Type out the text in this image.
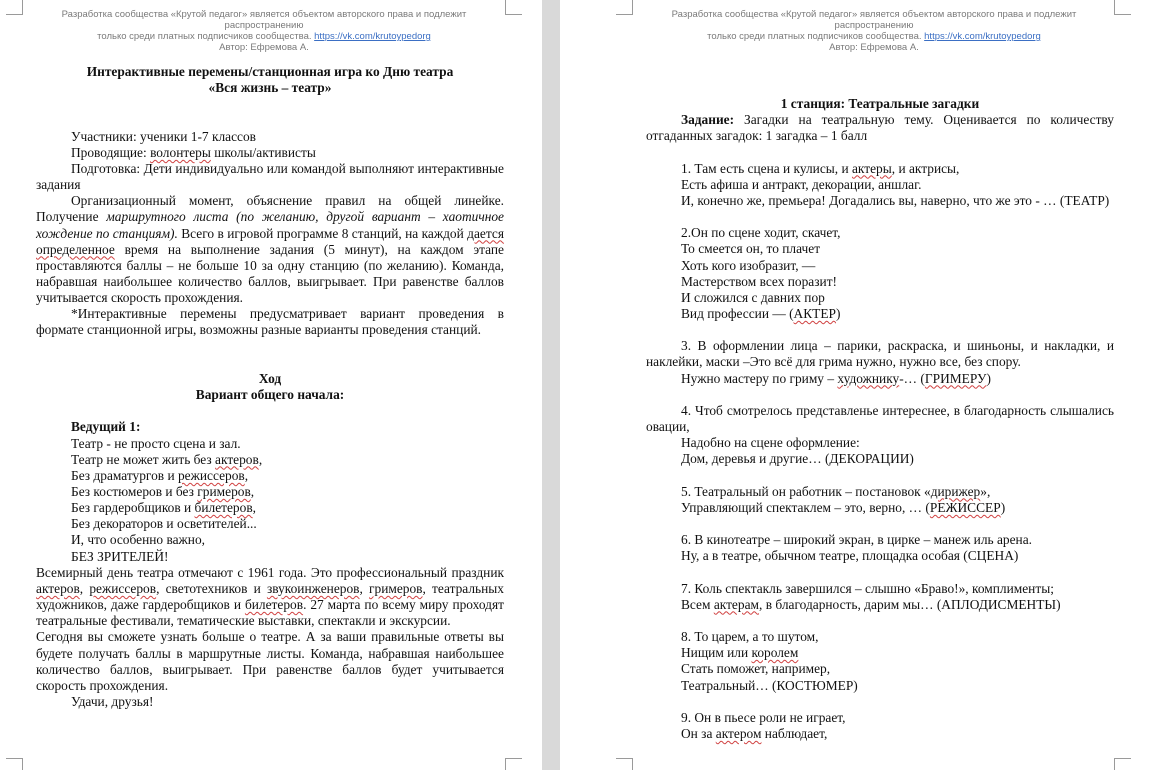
Разработка сообщества «Крутой педагог» является объектом авторского права и подлежит распространению
только среди платных подписчиков сообщества. https://vk.com/krutoypedorg
Автор: Ефремова А.

Интерактивные перемены/станционная игра ко Дню театра

«Вся жизнь – театр»

Участники: ученики 1-7 классов

Проводящие: волонтеры школы/активисты

Подготовка: Дети индивидуально или командой выполняют интерактивные задания

Организационный момент, объяснение правил на общей линейке. Получение маршрутного листа (по желанию, другой вариант – хаотичное хождение по станциям). Всего в игровой программе 8 станций, на каждой дается определенное время на выполнение задания (5 минут), на каждом этапе проставляются баллы – не больше 10 за одну станцию (по желанию). Команда, набравшая наибольшее количество баллов, выигрывает. При равенстве баллов учитывается скорость прохождения.

*Интерактивные перемены предусматривает вариант проведения в формате станционной игры, возможны разные варианты проведения станций.

Ход

Вариант общего начала:

Ведущий 1:

Театр - не просто сцена и зал.

Театр не может жить без актеров,

Без драматургов и режиссеров,

Без костюмеров и без гримеров,

Без гардеробщиков и билетеров,

Без декораторов и осветителей...

И, что особенно важно,

БЕЗ ЗРИТЕЛЕЙ!

Всемирный день театра отмечают с 1961 года. Это профессиональный праздник актеров, режиссеров, светотехников и звукоинженеров, гримеров, театральных художников, даже гардеробщиков и билетеров. 27 марта по всему миру проходят театральные фестивали, тематические выставки, спектакли и экскурсии.

Сегодня вы сможете узнать больше о театре. А за ваши правильные ответы вы будете получать баллы в маршрутные листы. Команда, набравшая наибольшее количество баллов, выигрывает. При равенстве баллов будет учитывается скорость прохождения.

Удачи, друзья!

Разработка сообщества «Крутой педагог» является объектом авторского права и подлежит распространению
только среди платных подписчиков сообщества. https://vk.com/krutoypedorg
Автор: Ефремова А.

1 станция: Театральные загадки

Задание: Загадки на театральную тему. Оценивается по количеству отгаданных загадок: 1 загадка – 1 балл

1. Там есть сцена и кулисы, и актеры, и актрисы,

Есть афиша и антракт, декорации, аншлаг.

И, конечно же, премьера! Догадались вы, наверно, что же это - … (ТЕАТР)

2.Он по сцене ходит, скачет,

То смеется он, то плачет

Хоть кого изобразит, —

Мастерством всех поразит!

И сложился с давних пор

Вид профессии — (АКТЕР)

3. В оформлении лица – парики, раскраска, и шиньоны, и накладки, и наклейки, маски –Это всё для грима нужно, нужно все, без спору.

Нужно мастеру по гриму – художнику-… (ГРИМЕРУ)

4. Чтоб смотрелось представленье интереснее, в благодарность слышались овации,

Надобно на сцене оформление:

Дом, деревья и другие… (ДЕКОРАЦИИ)

5. Театральный он работник – постановок «дирижер»,

Управляющий спектаклем – это, верно, … (РЕЖИССЕР)

6. В кинотеатре – широкий экран, в цирке – манеж иль арена.

Ну, а в театре, обычном театре, площадка особая (СЦЕНА)

7. Коль спектакль завершился – слышно «Браво!», комплименты;

Всем актерам, в благодарность, дарим мы… (АПЛОДИСМЕНТЫ)

8. То царем, а то шутом,

Нищим или королем

Стать поможет, например,

Театральный… (КОСТЮМЕР)

9. Он в пьесе роли не играет,

Он за актером наблюдает,
